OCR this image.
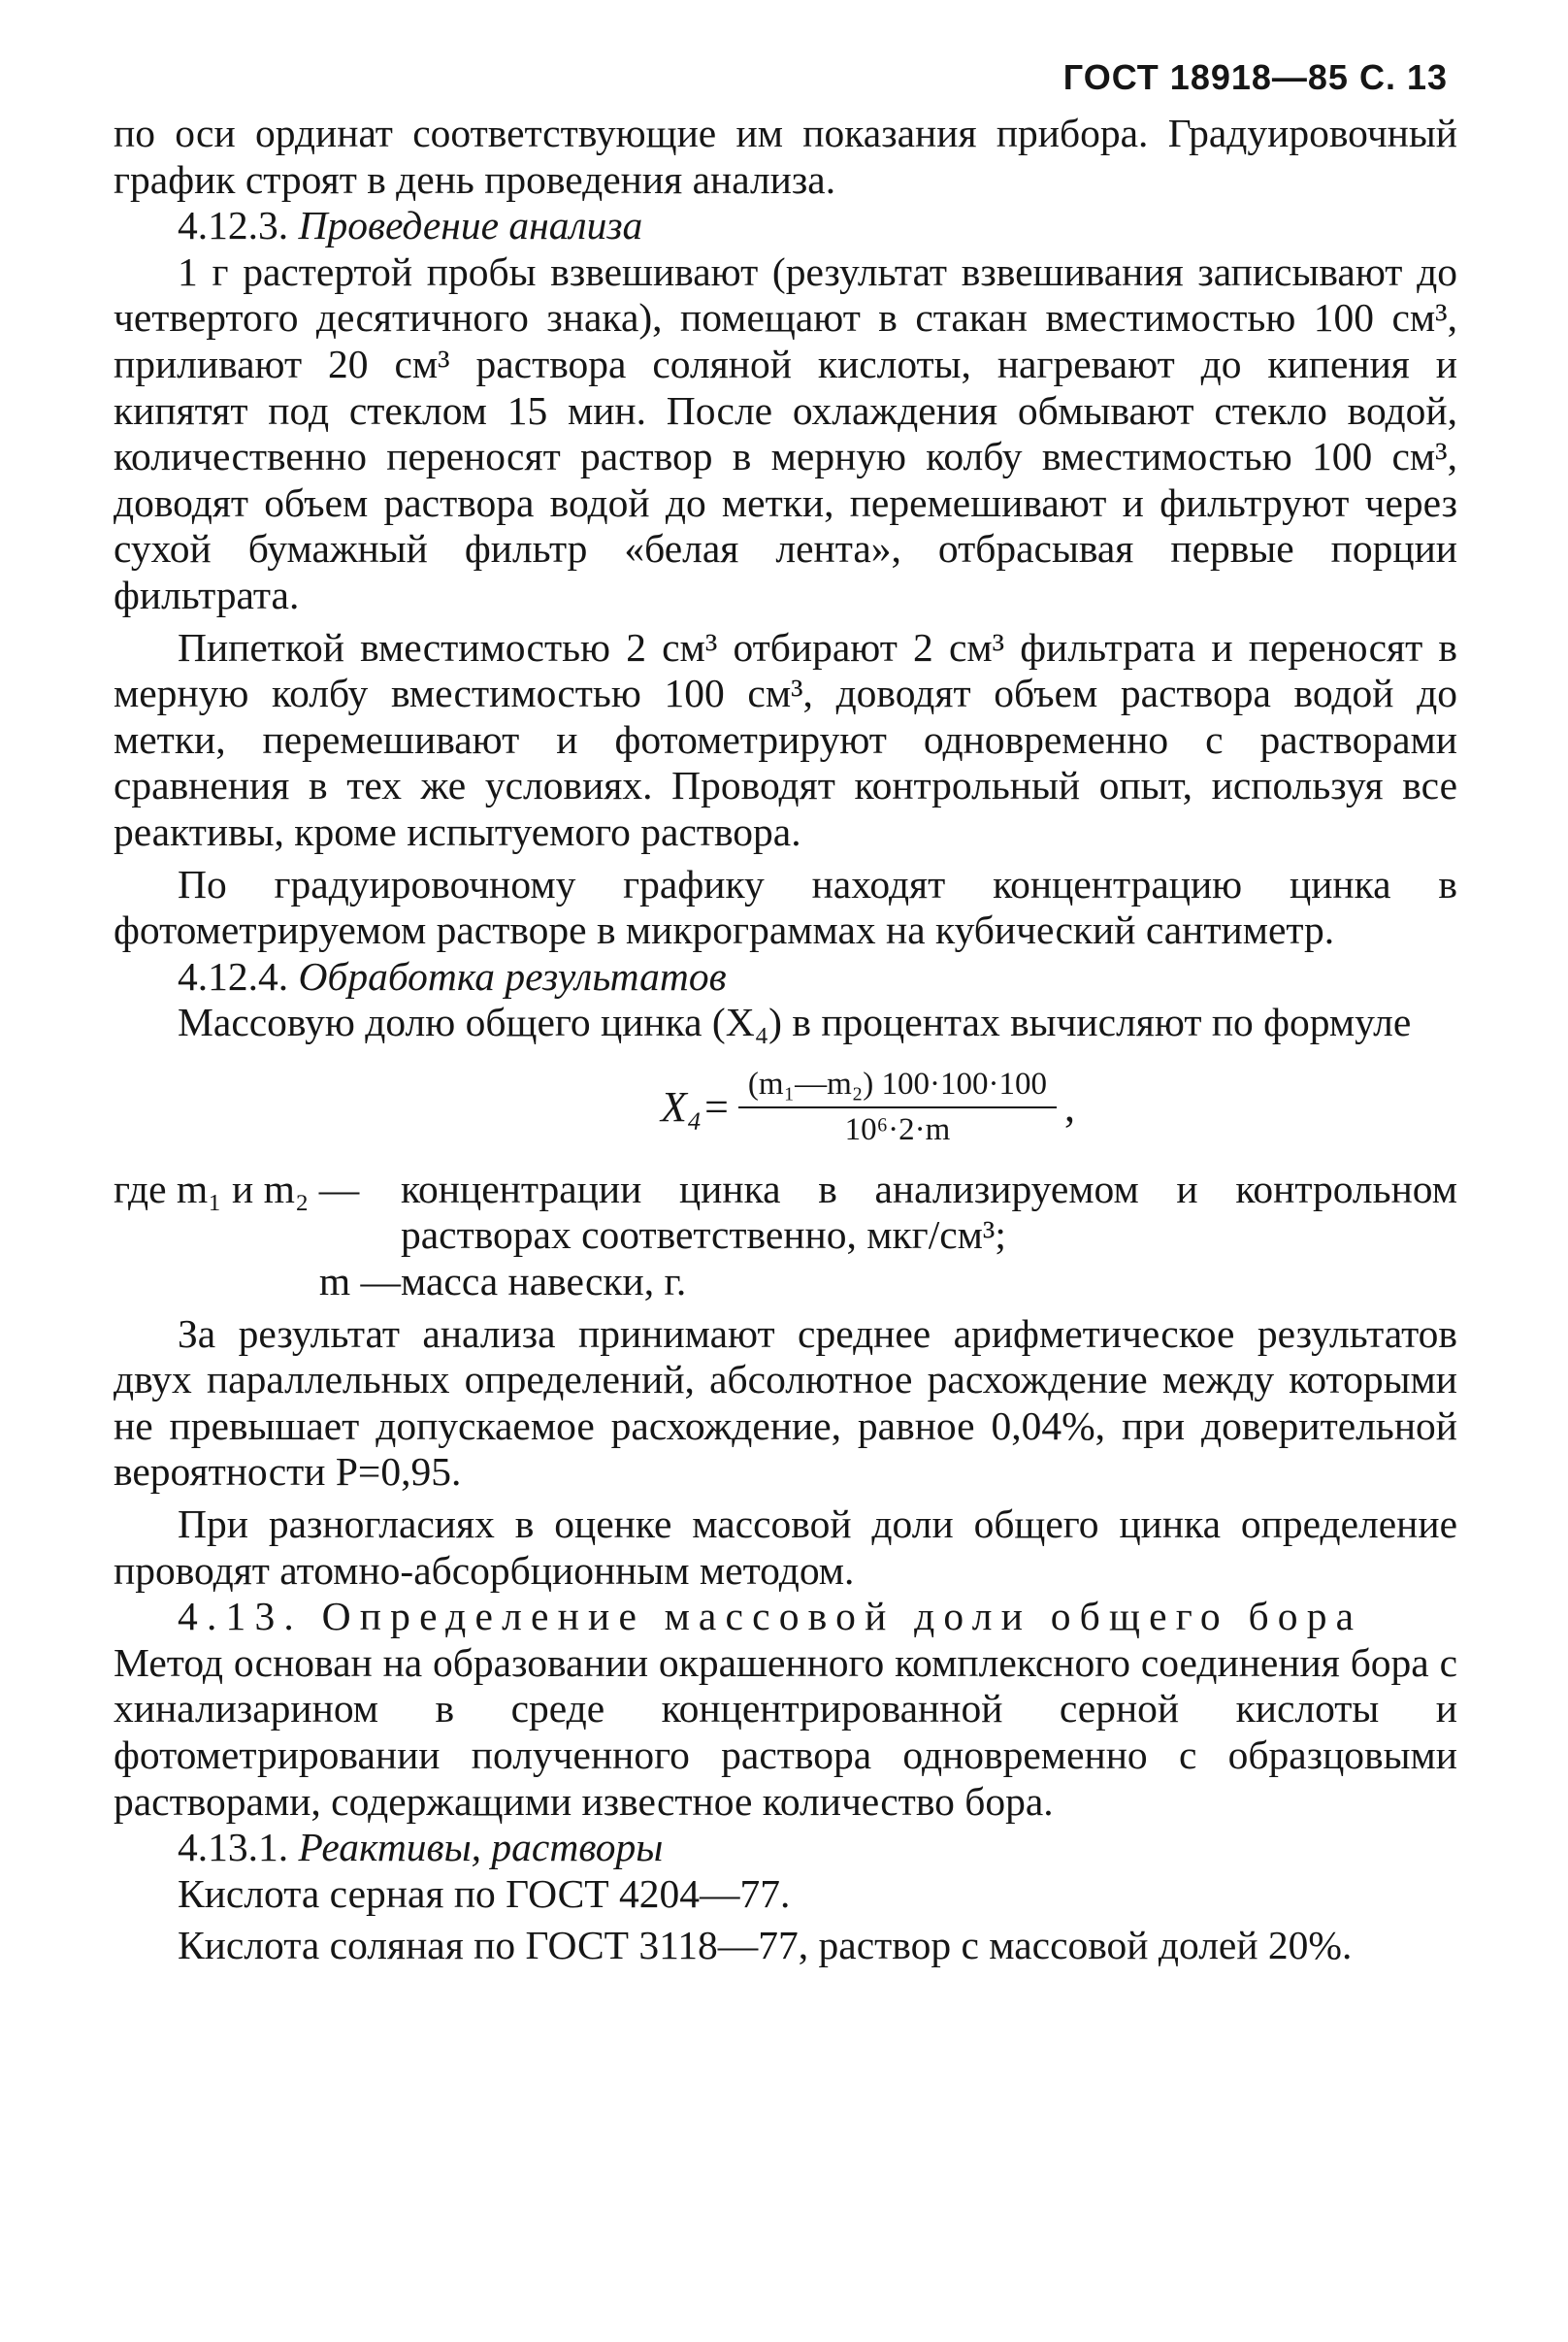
ГОСТ 18918—85 С. 13

по оси ординат соответствующие им показания прибора. Градуировочный график строят в день проведения анализа.

4.12.3. Проведение анализа

1 г растертой пробы взвешивают (результат взвешивания записывают до четвертого десятичного знака), помещают в стакан вместимостью 100 см³, приливают 20 см³ раствора соляной кислоты, нагревают до кипения и кипятят под стеклом 15 мин. После охлаждения обмывают стекло водой, количественно переносят раствор в мерную колбу вместимостью 100 см³, доводят объем раствора водой до метки, перемешивают и фильтруют через сухой бумажный фильтр «белая лента», отбрасывая первые порции фильтрата.

Пипеткой вместимостью 2 см³ отбирают 2 см³ фильтрата и переносят в мерную колбу вместимостью 100 см³, доводят объем раствора водой до метки, перемешивают и фотометрируют одновременно с растворами сравнения в тех же условиях. Проводят контрольный опыт, используя все реактивы, кроме испытуемого раствора.

По градуировочному графику находят концентрацию цинка в фотометрируемом растворе в микрограммах на кубический сантиметр.

4.12.4. Обработка результатов

Массовую долю общего цинка (X₄) в процентах вычисляют по формуле

$X_4= \frac{\text{(m₁—m₂) 100·100·100}}{\text{10⁶·2·m}}$ ,
где m₁ и m₂ —	концентрации цинка в анализируемом и контрольном растворах соответственно, мкг/см³;
m — масса навески, г.

За результат анализа принимают среднее арифметическое результатов двух параллельных определений, абсолютное расхождение между которыми не превышает допускаемое расхождение, равное 0,04%, при доверительной вероятности P=0,95.

При разногласиях в оценке массовой доли общего цинка определение проводят атомно-абсорбционным методом.

4.13. Определение массовой доли общего бора

Метод основан на образовании окрашенного комплексного соединения бора с хинализарином в среде концентрированной серной кислоты и фотометрировании полученного раствора одновременно с образцовыми растворами, содержащими известное количество бора.

4.13.1. Реактивы, растворы

Кислота серная по ГОСТ 4204—77.

Кислота соляная по ГОСТ 3118—77, раствор с массовой долей 20%.
